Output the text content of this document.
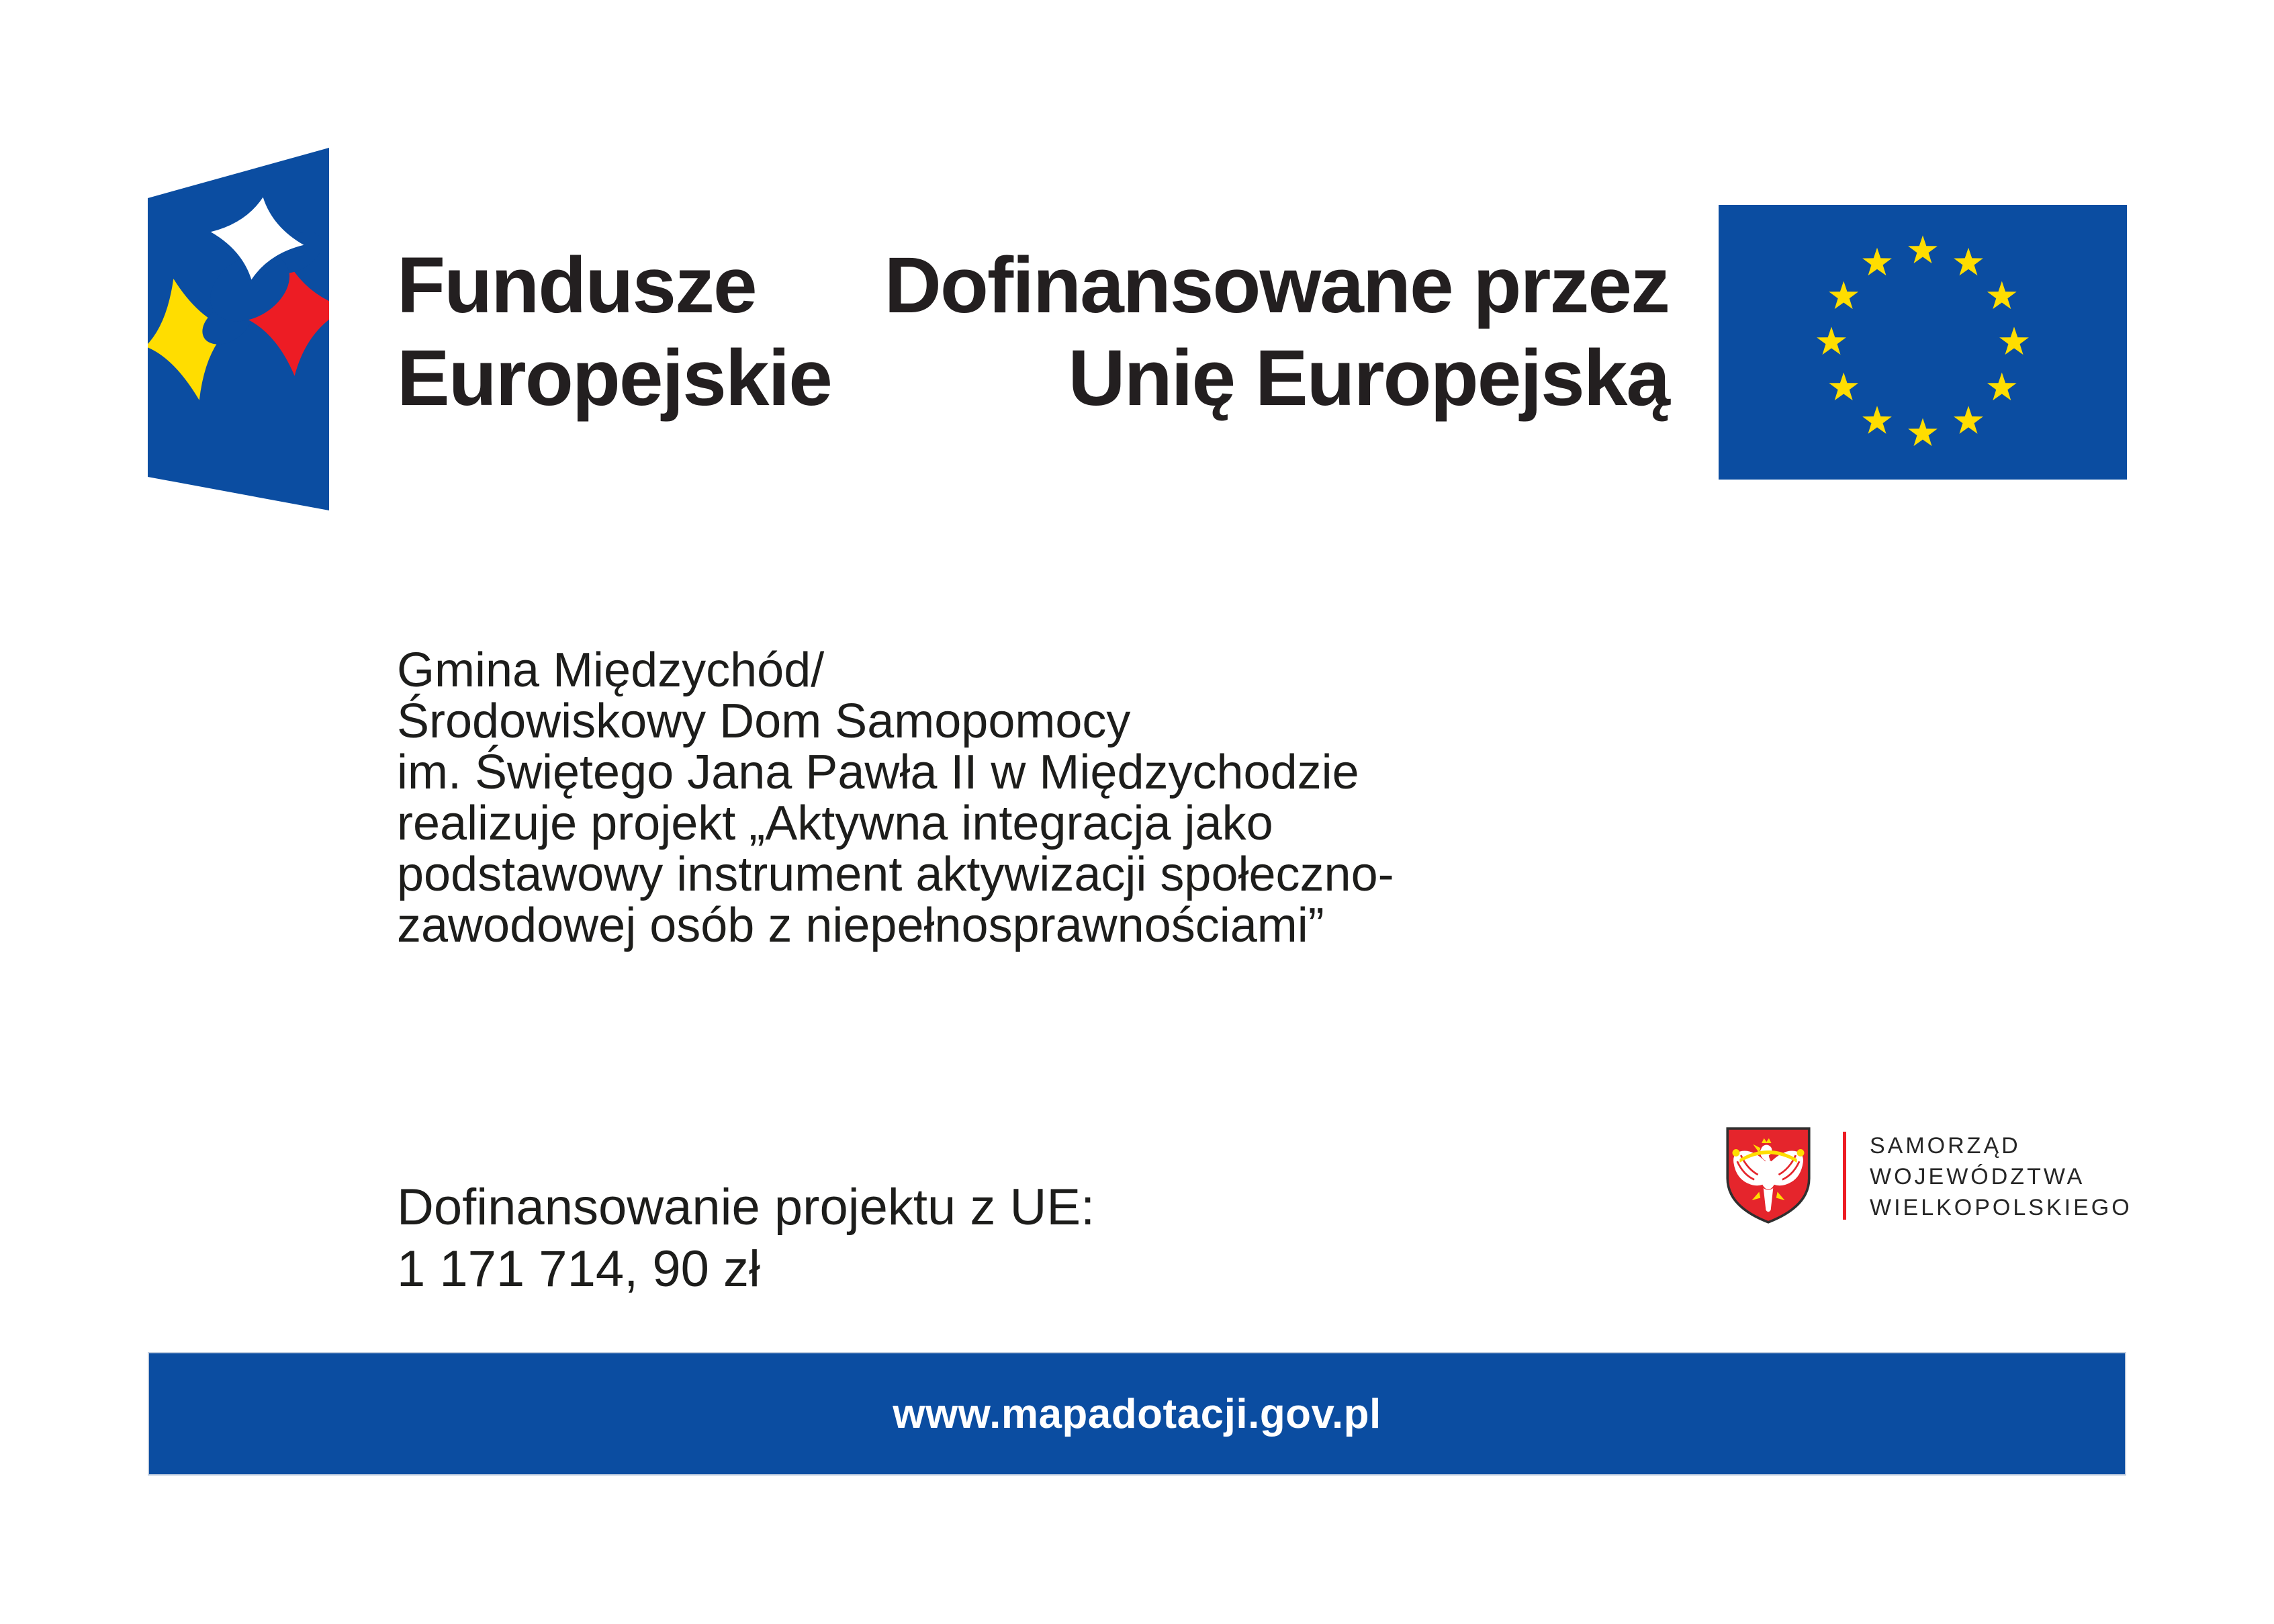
Fundusze
Europejskie
Dofinansowane przez
Unię Europejską
Gmina Międzychód/
Środowiskowy Dom Samopomocy
im. Świętego Jana Pawła II w Międzychodzie
realizuje projekt „Aktywna integracja jako
podstawowy instrument aktywizacji społeczno-
zawodowej osób z niepełnosprawnościami”
Dofinansowanie projektu z UE:
1 171 714, 90 zł
SAMORZĄD
WOJEWÓDZTWA
WIELKOPOLSKIEGO
www.mapadotacji.gov.pl
